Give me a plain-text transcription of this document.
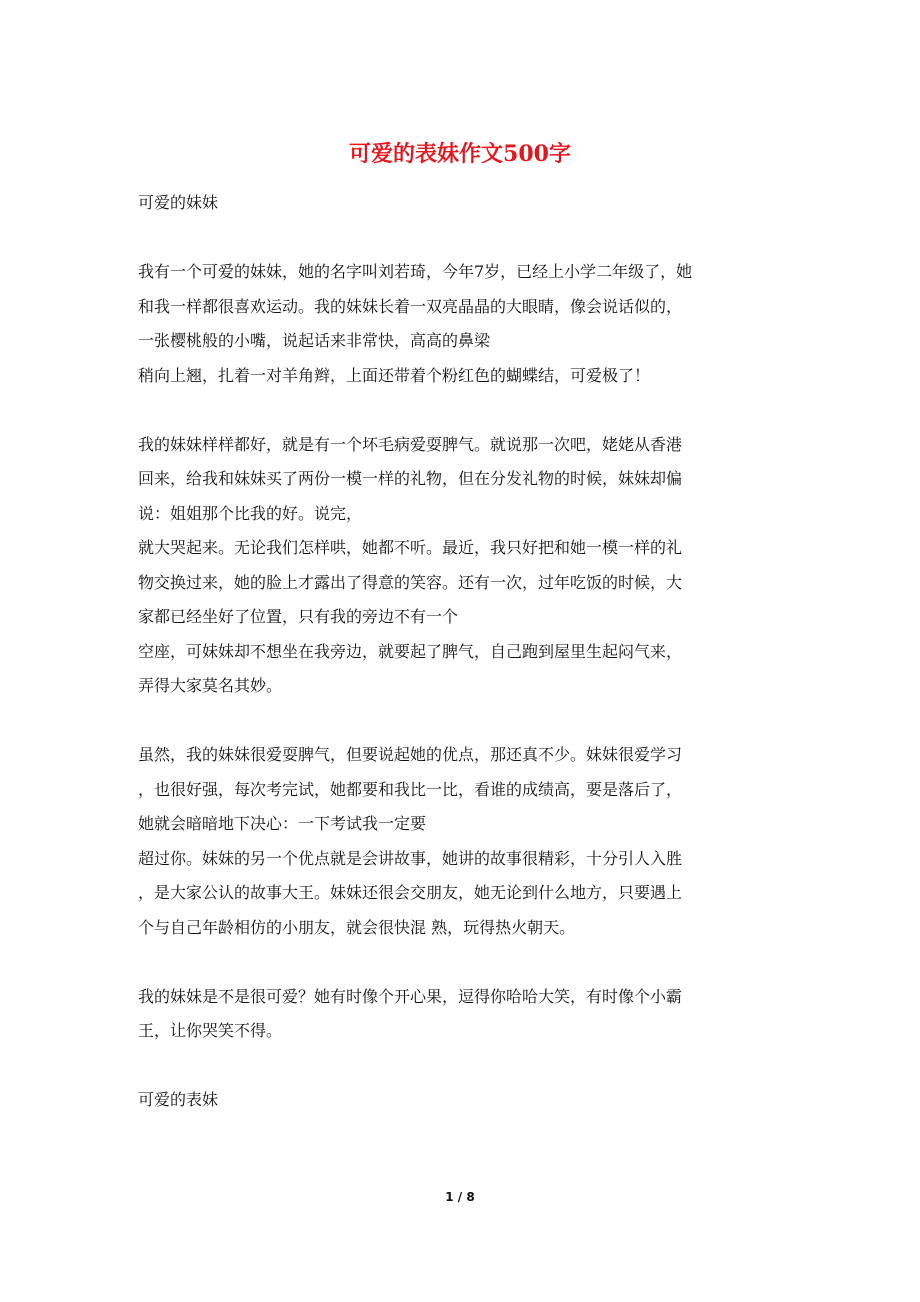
可爱的表妹作文500字
可爱的妹妹
我有一个可爱的妹妹，她的名字叫刘若琦，今年7岁，已经上小学二年级了，她
和我一样都很喜欢运动。我的妹妹长着一双亮晶晶的大眼睛，像会说话似的，
一张樱桃般的小嘴，说起话来非常快，高高的鼻梁
稍向上翘，扎着一对羊角辫，上面还带着个粉红色的蝴蝶结，可爱极了！
我的妹妹样样都好，就是有一个坏毛病爱耍脾气。就说那一次吧，姥姥从香港
回来，给我和妹妹买了两份一模一样的礼物，但在分发礼物的时候，妹妹却偏
说：姐姐那个比我的好。说完，
就大哭起来。无论我们怎样哄，她都不听。最近，我只好把和她一模一样的礼
物交换过来，她的脸上才露出了得意的笑容。还有一次，过年吃饭的时候，大
家都已经坐好了位置，只有我的旁边不有一个
空座，可妹妹却不想坐在我旁边，就要起了脾气，自己跑到屋里生起闷气来，
弄得大家莫名其妙。
虽然，我的妹妹很爱耍脾气，但要说起她的优点，那还真不少。妹妹很爱学习
，也很好强，每次考完试，她都要和我比一比，看谁的成绩高，要是落后了，
她就会暗暗地下决心：一下考试我一定要
超过你。妹妹的另一个优点就是会讲故事，她讲的故事很精彩，十分引人入胜
，是大家公认的故事大王。妹妹还很会交朋友，她无论到什么地方，只要遇上
个与自己年龄相仿的小朋友，就会很快混 熟，玩得热火朝天。
我的妹妹是不是很可爱？她有时像个开心果，逗得你哈哈大笑，有时像个小霸
王，让你哭笑不得。
可爱的表妹
1 / 8
